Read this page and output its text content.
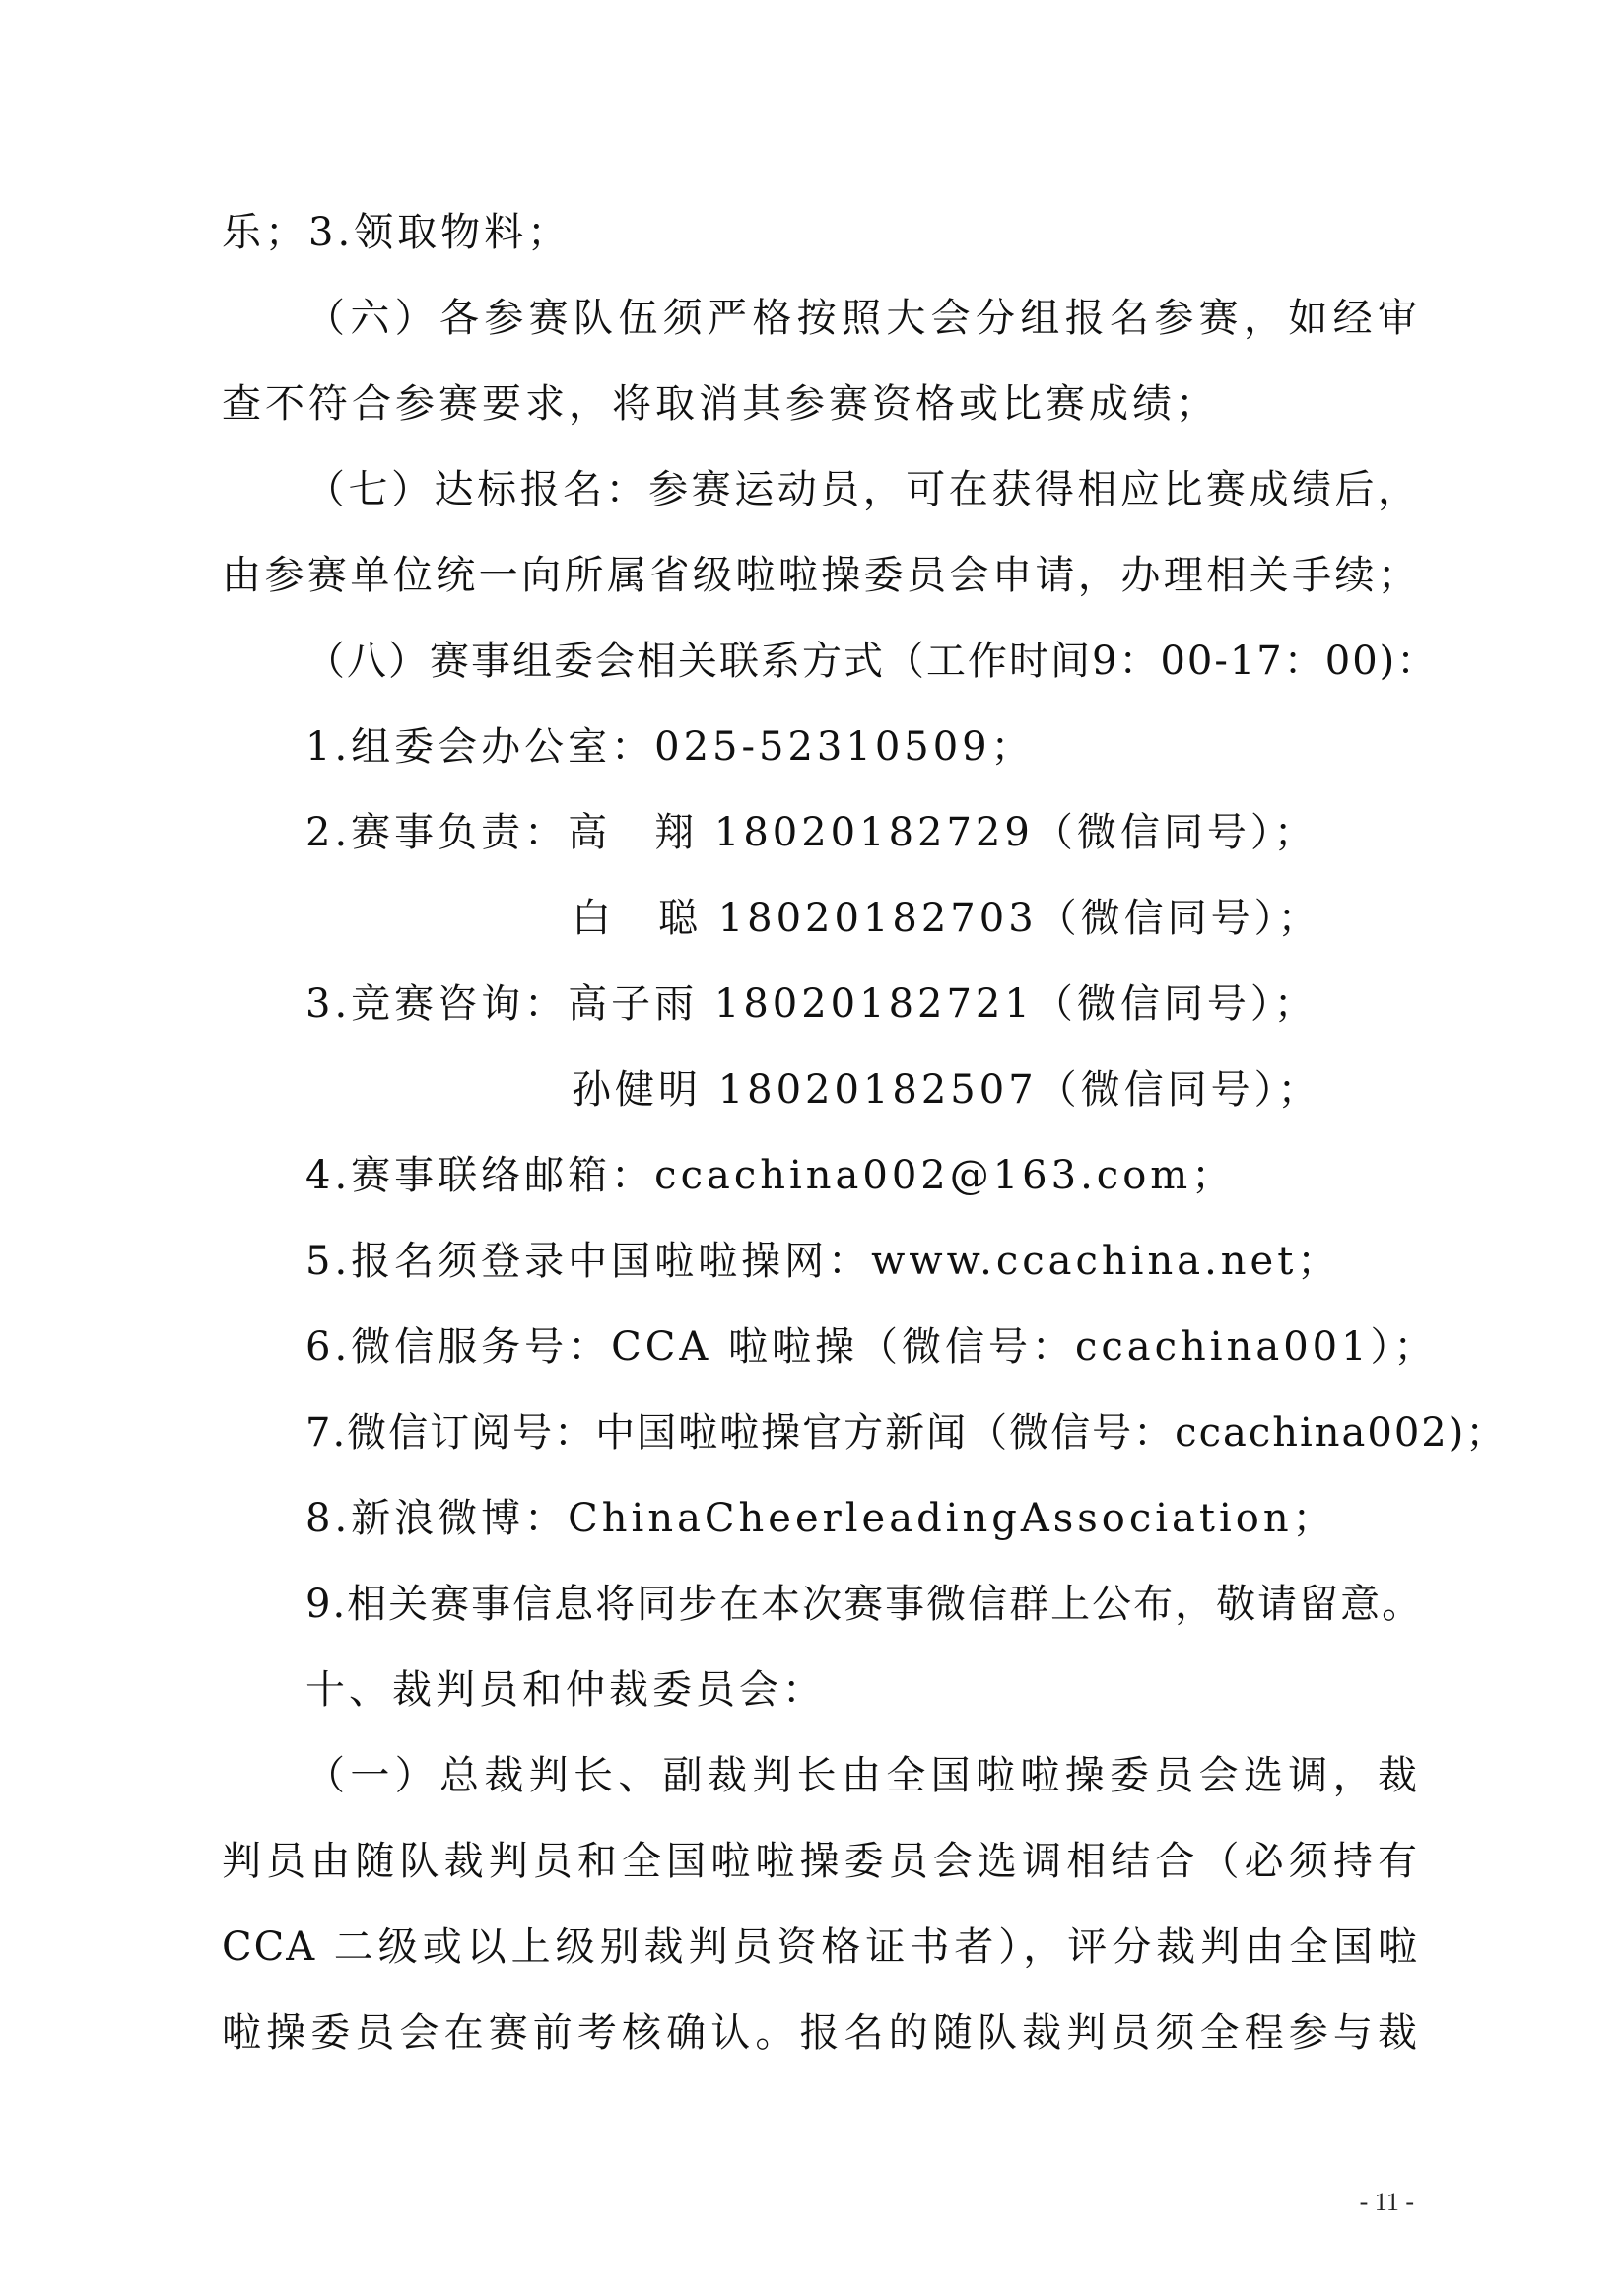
乐；3.领取物料；
（六）各参赛队伍须严格按照大会分组报名参赛，如经审
查不符合参赛要求，将取消其参赛资格或比赛成绩；
（七）达标报名：参赛运动员，可在获得相应比赛成绩后，
由参赛单位统一向所属省级啦啦操委员会申请，办理相关手续；
（八）赛事组委会相关联系方式（工作时间9：00-17：00)：
1.组委会办公室：025-52310509；
2.赛事负责：高　翔 18020182729（微信同号）；
白　聪 18020182703（微信同号）；
3.竞赛咨询：高子雨 18020182721（微信同号）；
孙健明 18020182507（微信同号）；
4.赛事联络邮箱：ccachina002@163.com；
5.报名须登录中国啦啦操网：www.ccachina.net；
6.微信服务号：CCA 啦啦操（微信号：ccachina001）；
7.微信订阅号：中国啦啦操官方新闻（微信号：ccachina002)；
8.新浪微博：ChinaCheerleadingAssociation；
9.相关赛事信息将同步在本次赛事微信群上公布，敬请留意。
十、裁判员和仲裁委员会：
（一）总裁判长、副裁判长由全国啦啦操委员会选调，裁
判员由随队裁判员和全国啦啦操委员会选调相结合（必须持有
CCA 二级或以上级别裁判员资格证书者），评分裁判由全国啦
啦操委员会在赛前考核确认。报名的随队裁判员须全程参与裁
- 11 -
